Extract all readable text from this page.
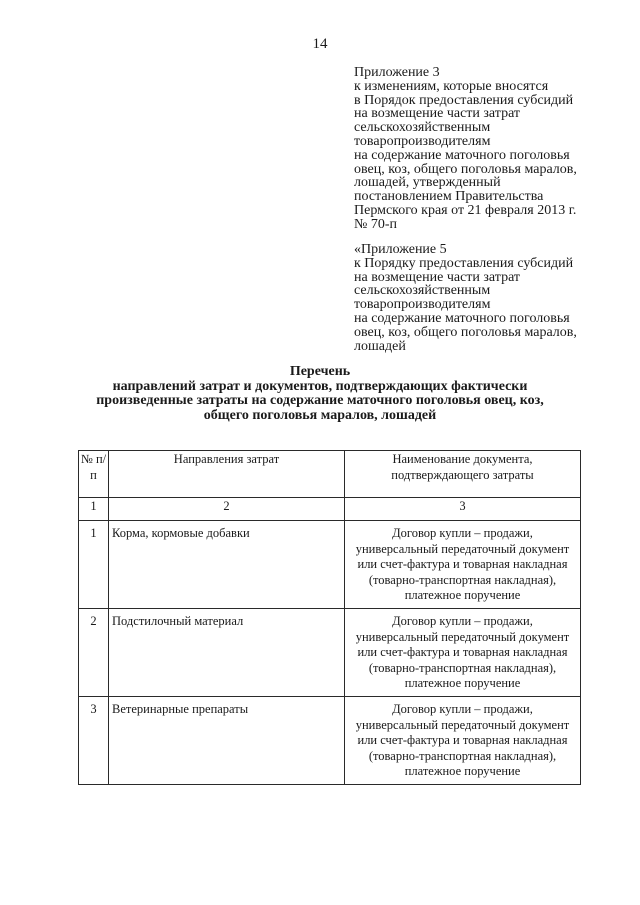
14
Приложение 3
к изменениям, которые вносятся
в Порядок предоставления субсидий
на возмещение части затрат
сельскохозяйственным
товаропроизводителям
на содержание маточного поголовья
овец, коз, общего поголовья маралов,
лошадей, утвержденный
постановлением Правительства
Пермского края от 21 февраля 2013 г.
№ 70-п
«Приложение 5
к Порядку предоставления субсидий
на возмещение части затрат
сельскохозяйственным
товаропроизводителям
на содержание маточного поголовья
овец, коз, общего поголовья маралов,
лошадей
Перечень
направлений затрат и документов, подтверждающих фактически
произведенные затраты на содержание маточного поголовья овец, коз,
общего поголовья маралов, лошадей
№ п/п	Направления затрат	Наименование документа, подтверждающего затраты
1	2	3
1	Корма, кормовые добавки	Договор купли – продажи,
универсальный передаточный документ
или счет-фактура и товарная накладная
(товарно-транспортная накладная),
платежное поручение

2	Подстилочный материал	Договор купли – продажи,
универсальный передаточный документ
или счет-фактура и товарная накладная
(товарно-транспортная накладная),
платежное поручение

3	Ветеринарные препараты	Договор купли – продажи,
универсальный передаточный документ
или счет-фактура и товарная накладная
(товарно-транспортная накладная),
платежное поручение
